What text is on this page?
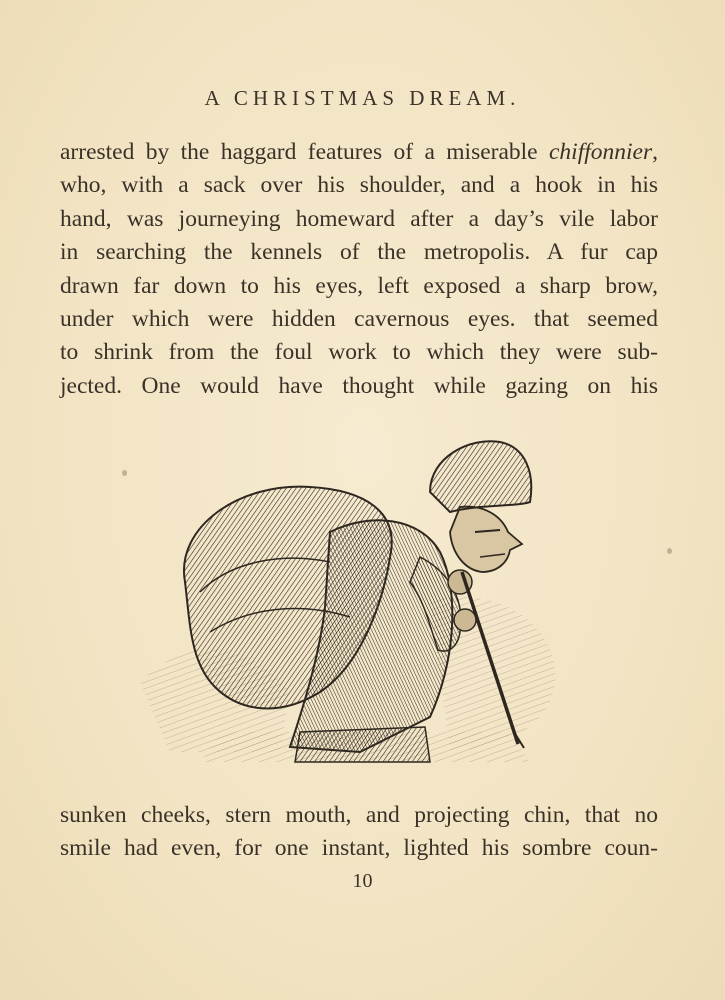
A CHRISTMAS DREAM.
arrested by the haggard features of a miserable chiffonnier,
who, with a sack over his shoulder, and a hook in his
hand, was journeying homeward after a day’s vile labor
in searching the kennels of the metropolis. A fur cap
drawn far down to his eyes, left exposed a sharp brow,
under which were hidden cavernous eyes. that seemed
to shrink from the foul work to which they were sub-
jected. One would have thought while gazing on his
sunken cheeks, stern mouth, and projecting chin, that no
smile had even, for one instant, lighted his sombre coun-
10
